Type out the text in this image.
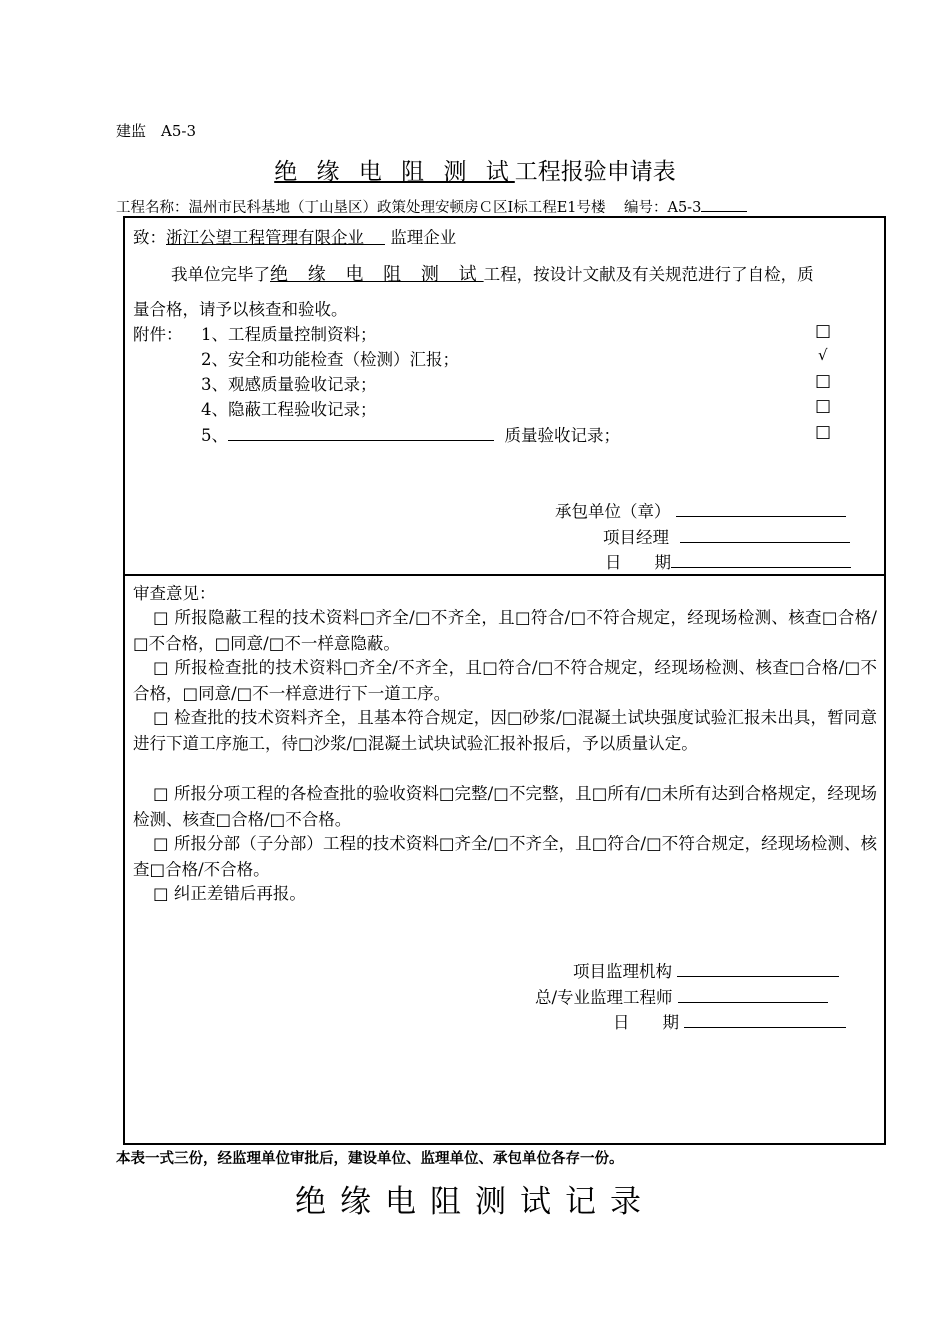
建监　A5-3
绝 缘 电 阻 测 试工程报验申请表
工程名称：温州市民科基地（丁山垦区）政策处理安顿房Ｃ区Ⅰ标工程E1号楼 编号：A5-3
致：浙江公望工程管理有限企业 监理企业
我单位完毕了绝 缘 电 阻 测 试工程，按设计文献及有关规范进行了自检，质
量合格，请予以核查和验收。
附件： 1、工程质量控制资料；	□
2、安全和功能检查（检测）汇报；	√
3、观感质量验收记录；	□
4、隐蔽工程验收记录；	□
5、	质量验收记录；	□
承包单位（章）
项目经理
日　　期
审查意见：
□ 所报隐蔽工程的技术资料□齐全/□不齐全，且□符合/□不符合规定，经现场检测、核查□合格/□不合格，□同意/□不一样意隐蔽。
□ 所报检查批的技术资料□齐全/不齐全，且□符合/□不符合规定，经现场检测、核查□合格/□不合格，□同意/□不一样意进行下一道工序。
□ 检查批的技术资料齐全，且基本符合规定，因□砂浆/□混凝土试块强度试验汇报未出具，暂同意进行下道工序施工，待□沙浆/□混凝土试块试验汇报补报后，予以质量认定。
□ 所报分项工程的各检查批的验收资料□完整/□不完整，且□所有/□未所有达到合格规定，经现场检测、核查□合格/□不合格。
□ 所报分部（子分部）工程的技术资料□齐全/□不齐全，且□符合/□不符合规定，经现场检测、核查□合格/不合格。
□ 纠正差错后再报。
项目监理机构
总/专业监理工程师
日　　期
本表一式三份，经监理单位审批后，建设单位、监理单位、承包单位各存一份。
绝缘电阻测试记录
